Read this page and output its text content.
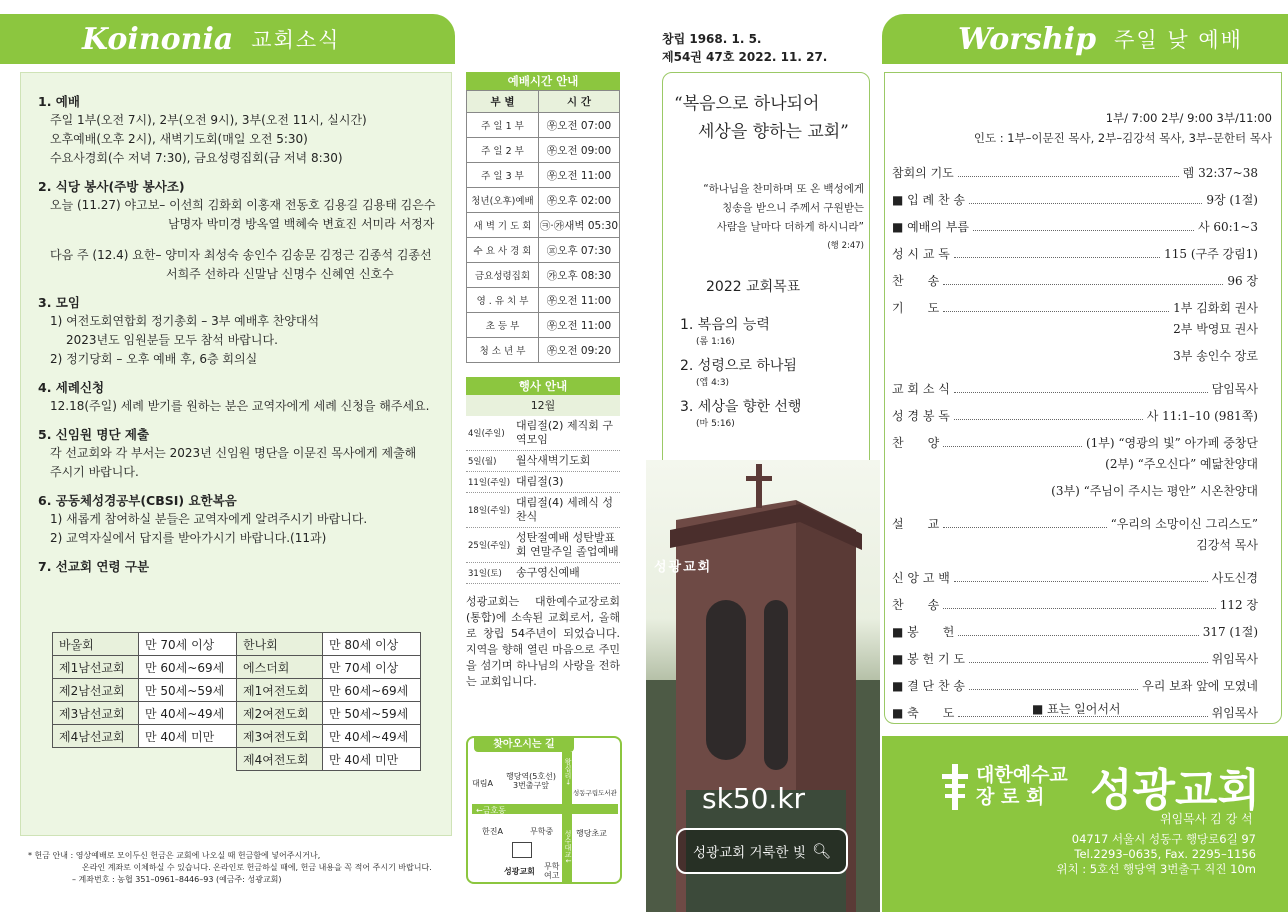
Koinonia 교회소식
1. 예배
주일 1부(오전 7시), 2부(오전 9시), 3부(오전 11시, 실시간)
오후예배(오후 2시), 새벽기도회(매일 오전 5:30)
수요사경회(수 저녁 7:30), 금요성령집회(금 저녁 8:30)
2. 식당 봉사(주방 봉사조)
오늘 (11.27) 야고보– 이선희 김화회 이홍재 전동호 김용길 김용태 김은수
남명자 박미경 방옥열 백혜숙 변효진 서미라 서정자
다음 주 (12.4) 요한– 양미자 최성숙 송인수 김송문 김정근 김종석 김종선
서희주 선하라 신말남 신명수 신혜연 신호수
3. 모임
1) 여전도회연합회 정기총회 – 3부 예배후 찬양대석
2023년도 임원분들 모두 참석 바랍니다.
2) 정기당회 – 오후 예배 후, 6층 회의실
4. 세례신청
12.18(주일) 세례 받기를 원하는 분은 교역자에게 세례 신청을 해주세요.
5. 신임원 명단 제출
각 선교회와 각 부서는 2023년 신임원 명단을 이문진 목사에게 제출해
주시기 바랍니다.
6. 공동체성경공부(CBSI) 요한복음
1) 새롭게 참여하실 분들은 교역자에게 알려주시기 바랍니다.
2) 교역자실에서 답지를 받아가시기 바랍니다.(11과)
7. 선교회 연령 구분
바울회	만 70세 이상	한나회	만 80세 이상
제1남선교회	만 60세~69세	에스더회	만 70세 이상
제2남선교회	만 50세~59세	제1여전도회	만 60세~69세
제3남선교회	만 40세~49세	제2여전도회	만 50세~59세
제4남선교회	만 40세 미만	제3여전도회	만 40세~49세
		제4여전도회	만 40세 미만
* 헌금 안내 : 영상예배로 모이두신 헌금은 교회에 나오실 때 헌금함에 넣어주시거나,
온라인 계좌로 이체하실 수 있습니다. 온라인로 헌금하실 때에, 헌금 내용을 꼭 적어 주시기 바랍니다.
– 계좌번호 : 농협 351–0961–8446–93 (예금주: 성광교회)
예배시간 안내
부 별	시 간
주 일 1 부	㉾오전 07:00
주 일 2 부	㉾오전 09:00
주 일 3 부	㉾오전 11:00
청년(오후)예배	㉾오후 02:00
새 벽 기 도 회	㉪·㉮새벽 05:30
수 요 사 경 회	㉬오후 07:30
금요성령집회	㉮오후 08:30
영 . 유 치 부	㉾오전 11:00
초 등 부	㉾오전 11:00
청 소 년 부	㉾오전 09:20
행사 안내
12월
4일(주일)
대림절(2) 제직회 구역모임
5일(월)	월삭새벽기도회
11일(주일) 대림절(3)
18일(주일)
대림절(4) 세례식 성찬식
25일(주일)
성탄절예배 성탄발표회 연말주일 졸업예배
31일(토)	송구영신예배
성광교회는 대한예수교장로회(통합)에 소속된 교회로서, 올해로 창립 54주년이 되었습니다. 지역을 향해 열린 마음으로 주민을 섬기며 하나님의 사랑을 전하는 교회입니다.
찾아오시는 길
대림A
행당역(5호선) 3번출구앞
성동구립도서관
←금호동
왕십리→
한진A	무학중	행당초교
성수대교↓
성광교회
무학여고
창립 1968. 1. 5.
제54권 47호 2022. 11. 27.
“복음으로 하나되어
세상을 향하는 교회”
“하나님을 찬미하며 또 온 백성에게
칭송을 받으니 주께서 구원받는
사람을 날마다 더하게 하시니라”
(행 2:47)
2022 교회목표
1. 복음의 능력
(롬 1:16)
2. 성령으로 하나됨
(엡 4:3)
3. 세상을 향한 선행
(마 5:16)
성광교회
sk50.kr
성광교회 거룩한 빛 🔍︎
Worship 주일 낮 예배
1부/ 7:00 2부/ 9:00 3부/11:00
인도 : 1부–이문진 목사, 2부–김강석 목사, 3부–문한터 목사
참회의 기도	렘 32:37~38
■ 입 례 찬 송	9장 (1절)
■ 예배의 부름	사 60:1~3
성 시 교 독	115 (구주 강림1)
찬　　송	96 장
기　　도	1부 김화회 권사
2부 박영묘 권사
3부 송인수 장로
교 회 소 식	담임목사
성 경 봉 독	사 11:1–10 (981쪽)
찬　　양	(1부) “영광의 빛” 아가페 중창단
(2부) “주오신다” 예닮찬양대
(3부) “주님이 주시는 평안” 시온찬양대
설　　교	“우리의 소망이신 그리스도”
김강석 목사
신 앙 고 백	사도신경
찬　　송	112 장
■ 봉　　헌	317 (1절)
■ 봉 헌 기 도	위임목사
■ 결 단 찬 송	우리 보좌 앞에 모였네
■ 축　　도	위임목사
■ 표는 일어서서
대한예수교
장 로 회	성광교회
위임목사 김 강 석
04717 서울시 성동구 행당로6길 97
Tel.2293–0635, Fax. 2295–1156
위치 : 5호선 행당역 3번출구 직진 10m
